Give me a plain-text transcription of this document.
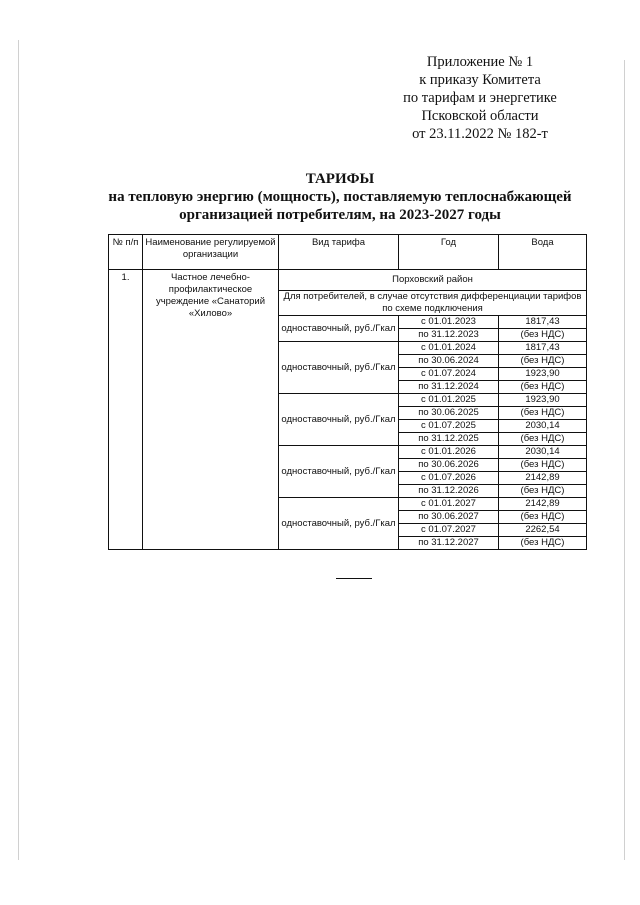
Приложение № 1
к приказу Комитета
по тарифам и энергетике
Псковской области
от 23.11.2022 № 182-т
ТАРИФЫ
на тепловую энергию (мощность), поставляемую теплоснабжающей
организацией потребителям, на 2023-2027 годы
№ п/п	Наименование регулируемой организации	Вид тарифа	Год	Вода
1.	Частное лечебно-профилактическое учреждение «Санаторий «Хилово»	Порховский район		
		Для потребителей, в случае отсутствия дифференциации тарифов по схеме подключения		
		одноставочный, руб./Гкал	с 01.01.2023	1817,43
			по 31.12.2023	(без НДС)
		одноставочный, руб./Гкал	с 01.01.2024	1817,43
			по 30.06.2024	(без НДС)
			с 01.07.2024	1923,90
			по 31.12.2024	(без НДС)
		одноставочный, руб./Гкал	с 01.01.2025	1923,90
			по 30.06.2025	(без НДС)
			с 01.07.2025	2030,14
			по 31.12.2025	(без НДС)
		одноставочный, руб./Гкал	с 01.01.2026	2030,14
			по 30.06.2026	(без НДС)
			с 01.07.2026	2142,89
			по 31.12.2026	(без НДС)
		одноставочный, руб./Гкал	с 01.01.2027	2142,89
			по 30.06.2027	(без НДС)
			с 01.07.2027	2262,54
			по 31.12.2027	(без НДС)
